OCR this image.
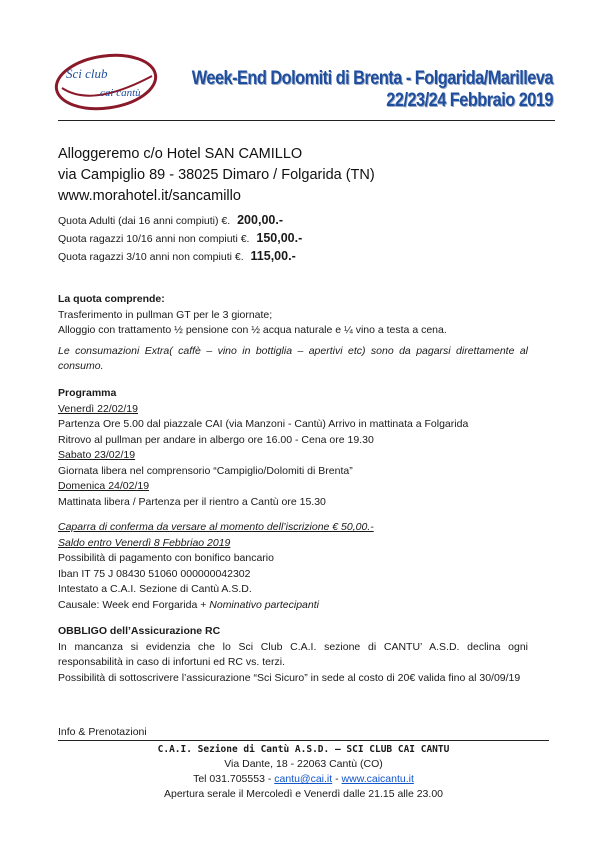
Sci club
cai cantù
Week-End Dolomiti di Brenta - Folgarida/Marilleva
22/23/24 Febbraio 2019
Alloggeremo c/o Hotel SAN CAMILLO
via Campiglio 89 - 38025 Dimaro / Folgarida (TN)
www.morahotel.it/sancamillo
Quota Adulti (dai 16 anni compiuti) €. 200,00.-
Quota ragazzi 10/16 anni non compiuti €. 150,00.-
Quota ragazzi 3/10 anni non compiuti €. 115,00.-
La quota comprende:
Trasferimento in pullman GT per le 3 giornate;
Alloggio con trattamento ½ pensione con ½ acqua naturale e ¼ vino a testa a cena.
Le consumazioni Extra( caffè – vino in bottiglia – apertivi etc) sono da pagarsi direttamente al consumo.
Programma
Venerdì 22/02/19
Partenza Ore 5.00 dal piazzale CAI (via Manzoni - Cantù) Arrivo in mattinata a Folgarida
Ritrovo al pullman per andare in albergo ore 16.00 - Cena ore 19.30
Sabato 23/02/19
Giornata libera nel comprensorio “Campiglio/Dolomiti di Brenta”
Domenica 24/02/19
Mattinata libera / Partenza per il rientro a Cantù ore 15.30
Caparra di conferma da versare al momento dell’iscrizione € 50,00.-
Saldo entro Venerdì 8 Febbriao 2019
Possibilità di pagamento con bonifico bancario
Iban IT 75 J 08430 51060 000000042302
Intestato a C.A.I. Sezione di Cantù A.S.D.
Causale: Week end Forgarida + Nominativo partecipanti
OBBLIGO dell’Assicurazione RC
In mancanza si evidenzia che lo Sci Club C.A.I. sezione di CANTU’ A.S.D. declina ogni responsabilità in caso di infortuni ed RC vs. terzi.
Possibilità di sottoscrivere l’assicurazione “Sci Sicuro” in sede al costo di 20€ valida fino al 30/09/19
Info & Prenotazioni
C.A.I. Sezione di Cantù A.S.D. – SCI CLUB CAI CANTU
Via Dante, 18 - 22063 Cantù (CO)
Tel 031.705553 - cantu@cai.it - www.caicantu.it
Apertura serale il Mercoledì e Venerdì dalle 21.15 alle 23.00
